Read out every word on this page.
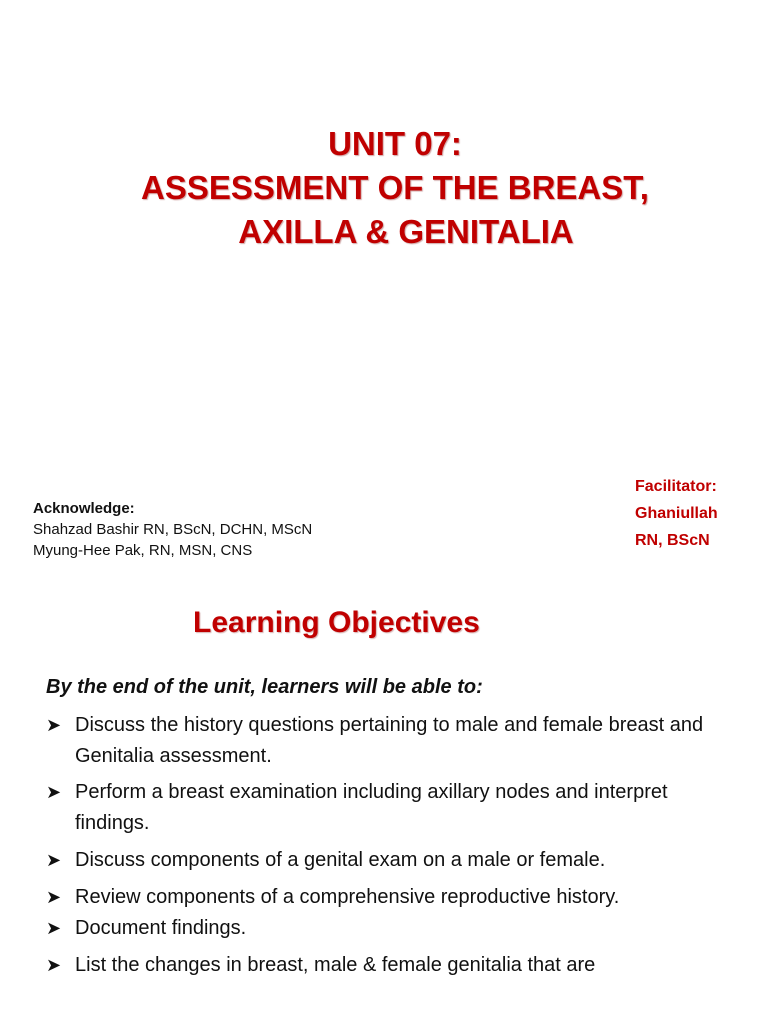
UNIT 07:
ASSESSMENT OF THE BREAST,
AXILLA & GENITALIA
Acknowledge:
Shahzad Bashir RN, BScN, DCHN, MScN
Myung-Hee Pak, RN, MSN, CNS
Facilitator:
Ghaniullah
RN, BScN
Learning Objectives
By the end of the unit, learners will be able to:
➤ Discuss the history questions pertaining to male and female breast and Genitalia assessment.
➤ Perform a breast examination including axillary nodes and interpret findings.
➤ Discuss components of a genital exam on a male or female.
➤ Review components of a comprehensive reproductive history.
➤ Document findings.
➤ List the changes in breast, male & female genitalia that are
